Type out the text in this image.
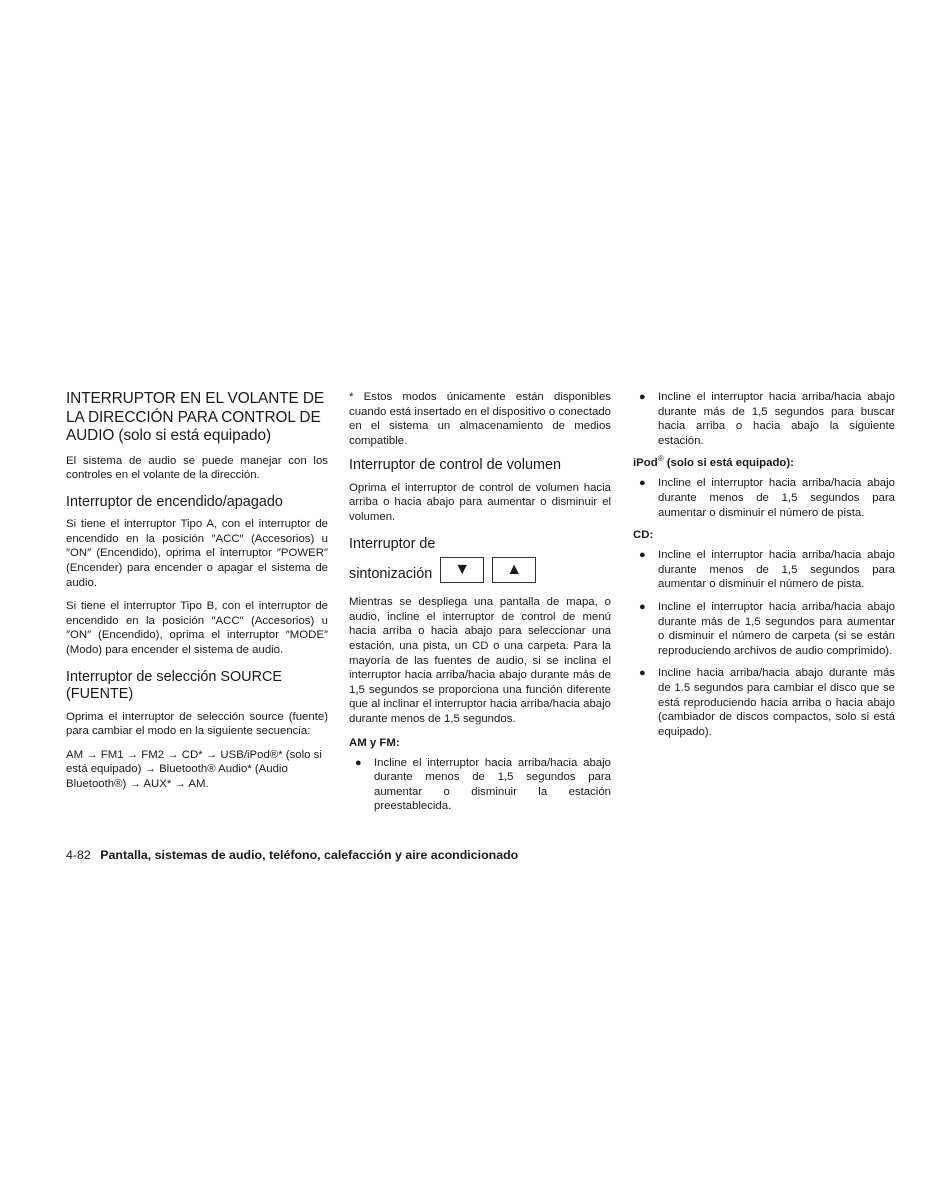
INTERRUPTOR EN EL VOLANTE DE LA DIRECCIÓN PARA CONTROL DE AUDIO (solo si está equipado)

El sistema de audio se puede manejar con los controles en el volante de la dirección.

Interruptor de encendido/apagado

Si tiene el interruptor Tipo A, con el interruptor de encendido en la posición ″ACC″ (Accesorios) u ″ON″ (Encendido), oprima el interruptor ″POWER″ (Encender) para encender o apagar el sistema de audio.

Si tiene el interruptor Tipo B, con el interruptor de encendido en la posición ″ACC″ (Accesorios) u ″ON″ (Encendido), oprima el interruptor ″MODE″ (Modo) para encender el sistema de audio.

Interruptor de selección SOURCE (FUENTE)

Oprima el interruptor de selección source (fuente) para cambiar el modo en la siguiente secuencia:

AM → FM1 → FM2 → CD* → USB/iPod®* (solo si está equipado) → Bluetooth® Audio* (Audio Bluetooth®) → AUX* → AM.

* Estos modos únicamente están disponibles cuando está insertado en el dispositivo o conectado en el sistema un almacenamiento de medios compatible.

Interruptor de control de volumen

Oprima el interruptor de control de volumen hacia arriba o hacia abajo para aumentar o disminuir el volumen.

Interruptor de
sintonización ▼ ▲

Mientras se despliega una pantalla de mapa, o audio, incline el interruptor de control de menú hacia arriba o hacia abajo para seleccionar una estación, una pista, un CD o una carpeta. Para la mayoría de las fuentes de audio, si se inclina el interruptor hacia arriba/hacia abajo durante más de 1,5 segundos se proporciona una función diferente que al inclinar el interruptor hacia arriba/hacia abajo durante menos de 1,5 segundos.

AM y FM:
● Incline el interruptor hacia arriba/hacia abajo durante menos de 1,5 segundos para aumentar o disminuir la estación preestablecida.
● Incline el interruptor hacia arriba/hacia abajo durante más de 1,5 segundos para buscar hacia arriba o hacia abajo la siguiente estación.
iPod® (solo si está equipado):
● Incline el interruptor hacia arriba/hacia abajo durante menos de 1,5 segundos para aumentar o disminuir el número de pista.
CD:
● Incline el interruptor hacia arriba/hacia abajo durante menos de 1,5 segundos para aumentar o disminuir el número de pista.
● Incline el interruptor hacia arriba/hacia abajo durante más de 1,5 segundos para aumentar o disminuir el número de carpeta (si se están reproduciendo archivos de audio comprimido).
● Incline hacia arriba/hacia abajo durante más de 1.5 segundos para cambiar el disco que se está reproduciendo hacia arriba o hacia abajo (cambiador de discos compactos, solo si está equipado).
4-82 Pantalla, sistemas de audio, teléfono, calefacción y aire acondicionado
